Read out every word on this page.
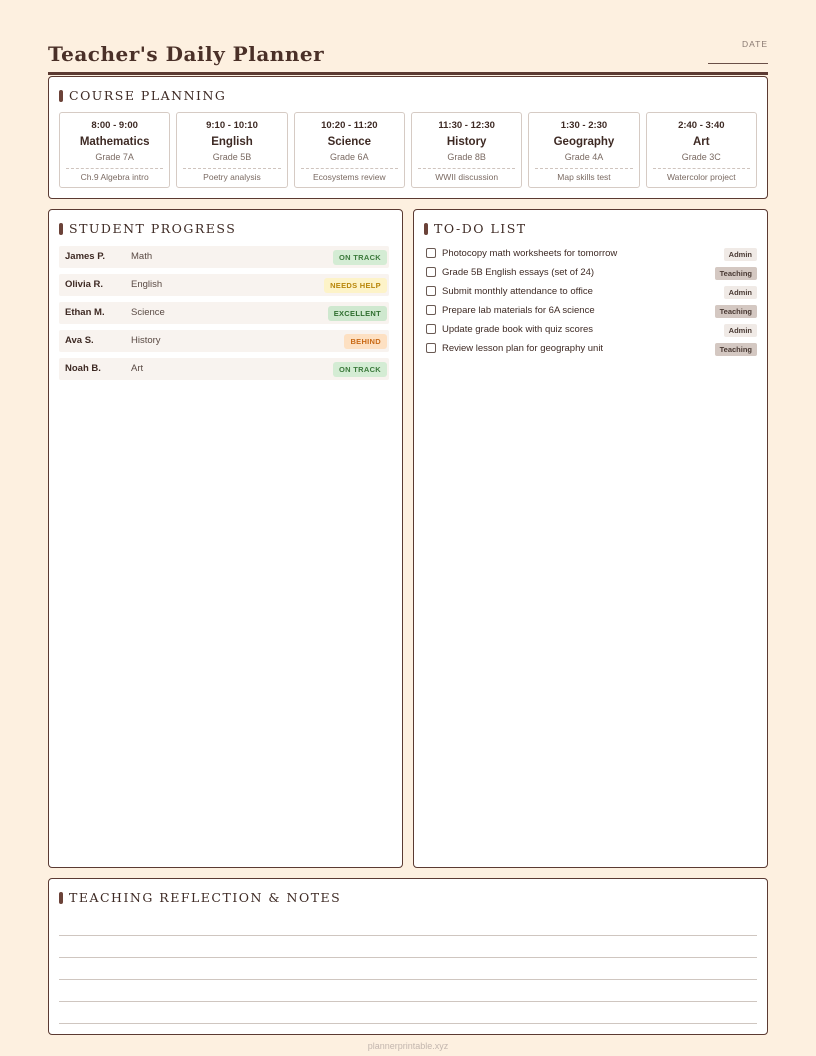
Teacher's Daily Planner	DATE
COURSE PLANNING
8:00 - 9:00
Mathematics
Grade 7A
Ch.9 Algebra intro
9:10 - 10:10
English
Grade 5B
Poetry analysis
10:20 - 11:20
Science
Grade 6A
Ecosystems review
11:30 - 12:30
History
Grade 8B
WWII discussion
1:30 - 2:30
Geography
Grade 4A
Map skills test
2:40 - 3:40
Art
Grade 3C
Watercolor project
STUDENT PROGRESS
James P.	Math	ON TRACK
Olivia R.	English	NEEDS HELP
Ethan M.	Science	EXCELLENT
Ava S.	History	BEHIND
Noah B.	Art	ON TRACK
TO-DO LIST
Photocopy math worksheets for tomorrow	Admin
Grade 5B English essays (set of 24)	Teaching
Submit monthly attendance to office	Admin
Prepare lab materials for 6A science	Teaching
Update grade book with quiz scores	Admin
Review lesson plan for geography unit	Teaching
TEACHING REFLECTION & NOTES
plannerprintable.xyz
